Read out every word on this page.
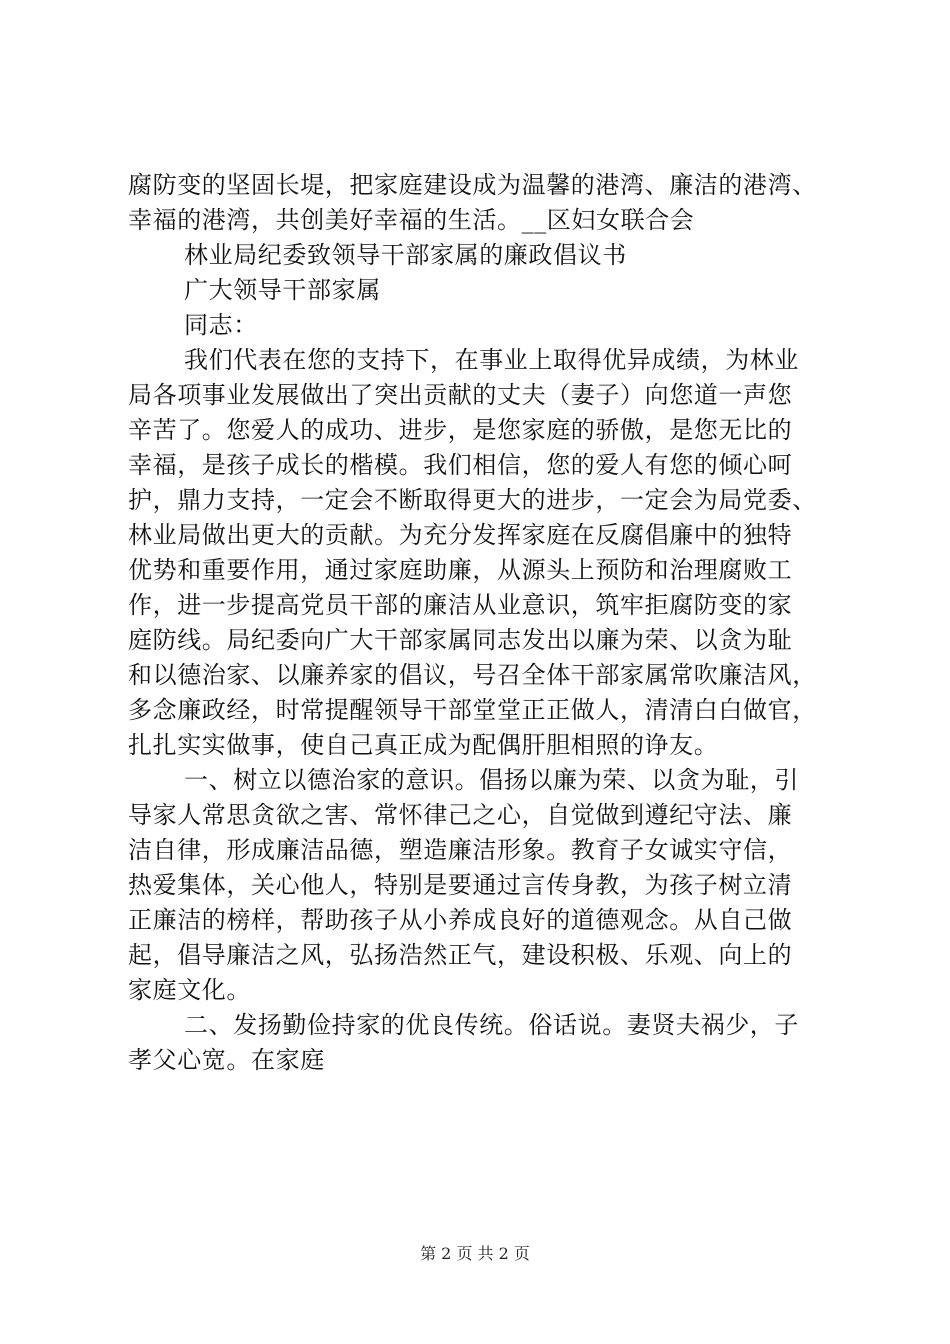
腐防变的坚固长堤，把家庭建设成为温馨的港湾、廉洁的港湾、
幸福的港湾，共创美好幸福的生活。__区妇女联合会
林业局纪委致领导干部家属的廉政倡议书
广大领导干部家属
同志：
我们代表在您的支持下，在事业上取得优异成绩，为林业
局各项事业发展做出了突出贡献的丈夫（妻子）向您道一声您
辛苦了。您爱人的成功、进步，是您家庭的骄傲，是您无比的
幸福，是孩子成长的楷模。我们相信，您的爱人有您的倾心呵
护，鼎力支持，一定会不断取得更大的进步，一定会为局党委、
林业局做出更大的贡献。为充分发挥家庭在反腐倡廉中的独特
优势和重要作用，通过家庭助廉，从源头上预防和治理腐败工
作，进一步提高党员干部的廉洁从业意识，筑牢拒腐防变的家
庭防线。局纪委向广大干部家属同志发出以廉为荣、以贪为耻
和以德治家、以廉养家的倡议，号召全体干部家属常吹廉洁风，
多念廉政经，时常提醒领导干部堂堂正正做人，清清白白做官，
扎扎实实做事，使自己真正成为配偶肝胆相照的诤友。
一、树立以德治家的意识。倡扬以廉为荣、以贪为耻，引
导家人常思贪欲之害、常怀律己之心，自觉做到遵纪守法、廉
洁自律，形成廉洁品德，塑造廉洁形象。教育子女诚实守信，
热爱集体，关心他人，特别是要通过言传身教，为孩子树立清
正廉洁的榜样，帮助孩子从小养成良好的道德观念。从自己做
起，倡导廉洁之风，弘扬浩然正气，建设积极、乐观、向上的
家庭文化。
二、发扬勤俭持家的优良传统。俗话说。妻贤夫祸少，子
孝父心宽。在家庭
第 2 页 共 2 页
